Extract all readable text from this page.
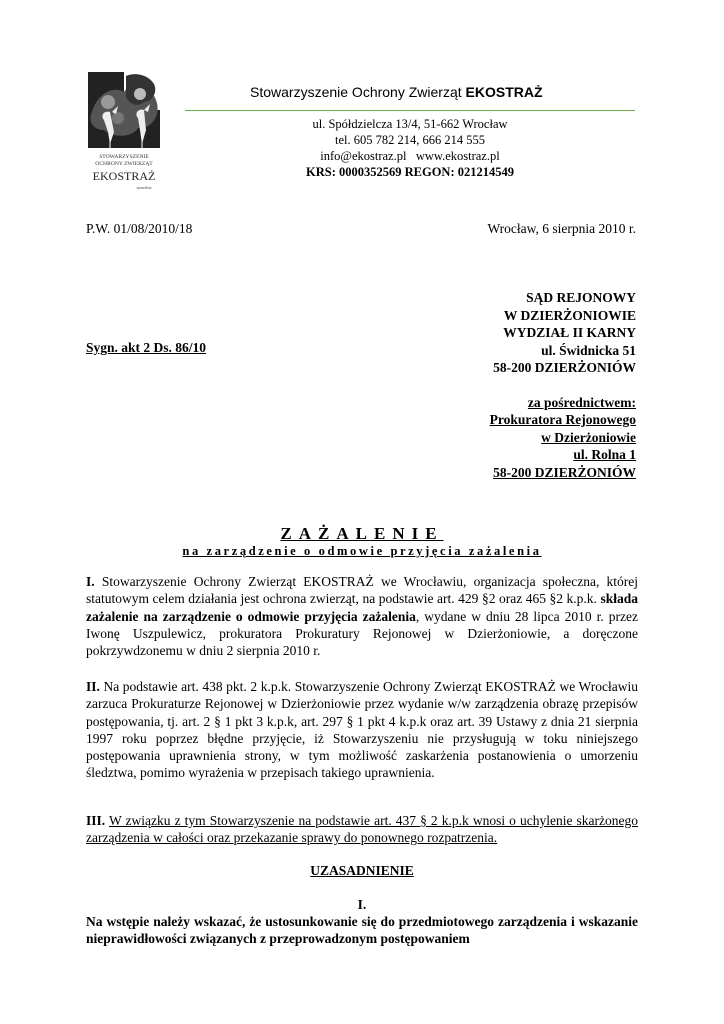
STOWARZYSZENIE
OCHRONY ZWIERZĄT
EKOSTRAŻ
wrocław
Stowarzyszenie Ochrony Zwierząt EKOSTRAŻ
ul. Spółdzielcza 13/4, 51-662 Wrocław
tel. 605 782 214, 666 214 555
info@ekostraz.pl www.ekostraz.pl
KRS: 0000352569 REGON: 021214549
P.W. 01/08/2010/18	Wrocław, 6 sierpnia 2010 r.
SĄD REJONOWY
W DZIERŻONIOWIE
WYDZIAŁ II KARNY
ul. Świdnicka 51
58-200 DZIERŻONIÓW
za pośrednictwem:
Prokuratora Rejonowego
w Dzierżoniowie
ul. Rolna 1
58-200 DZIERŻONIÓW
Sygn. akt 2 Ds. 86/10
ZAŻALENIE
na zarządzenie o odmowie przyjęcia zażalenia
I. Stowarzyszenie Ochrony Zwierząt EKOSTRAŻ we Wrocławiu, organizacja społeczna, której statutowym celem działania jest ochrona zwierząt, na podstawie art. 429 §2 oraz 465 §2 k.p.k. składa zażalenie na zarządzenie o odmowie przyjęcia zażalenia, wydane w dniu 28 lipca 2010 r. przez Iwonę Uszpulewicz, prokuratora Prokuratury Rejonowej w Dzierżoniowie, a doręczone pokrzywdzonemu w dniu 2 sierpnia 2010 r.
II. Na podstawie art. 438 pkt. 2 k.p.k. Stowarzyszenie Ochrony Zwierząt EKOSTRAŻ we Wrocławiu zarzuca Prokuraturze Rejonowej w Dzierżoniowie przez wydanie w/w zarządzenia obrazę przepisów postępowania, tj. art. 2 § 1 pkt 3 k.p.k, art. 297 § 1 pkt 4 k.p.k oraz art. 39 Ustawy z dnia 21 sierpnia 1997 roku poprzez błędne przyjęcie, iż Stowarzyszeniu nie przysługują w toku niniejszego postępowania uprawnienia strony, w tym możliwość zaskarżenia postanowienia o umorzeniu śledztwa, pomimo wyrażenia w przepisach takiego uprawnienia.
III. W związku z tym Stowarzyszenie na podstawie art. 437 § 2 k.p.k wnosi o uchylenie skarżonego zarządzenia w całości oraz przekazanie sprawy do ponownego rozpatrzenia.
UZASADNIENIE
I.
Na wstępie należy wskazać, że ustosunkowanie się do przedmiotowego zarządzenia i wskazanie nieprawidłowości związanych z przeprowadzonym postępowaniem
